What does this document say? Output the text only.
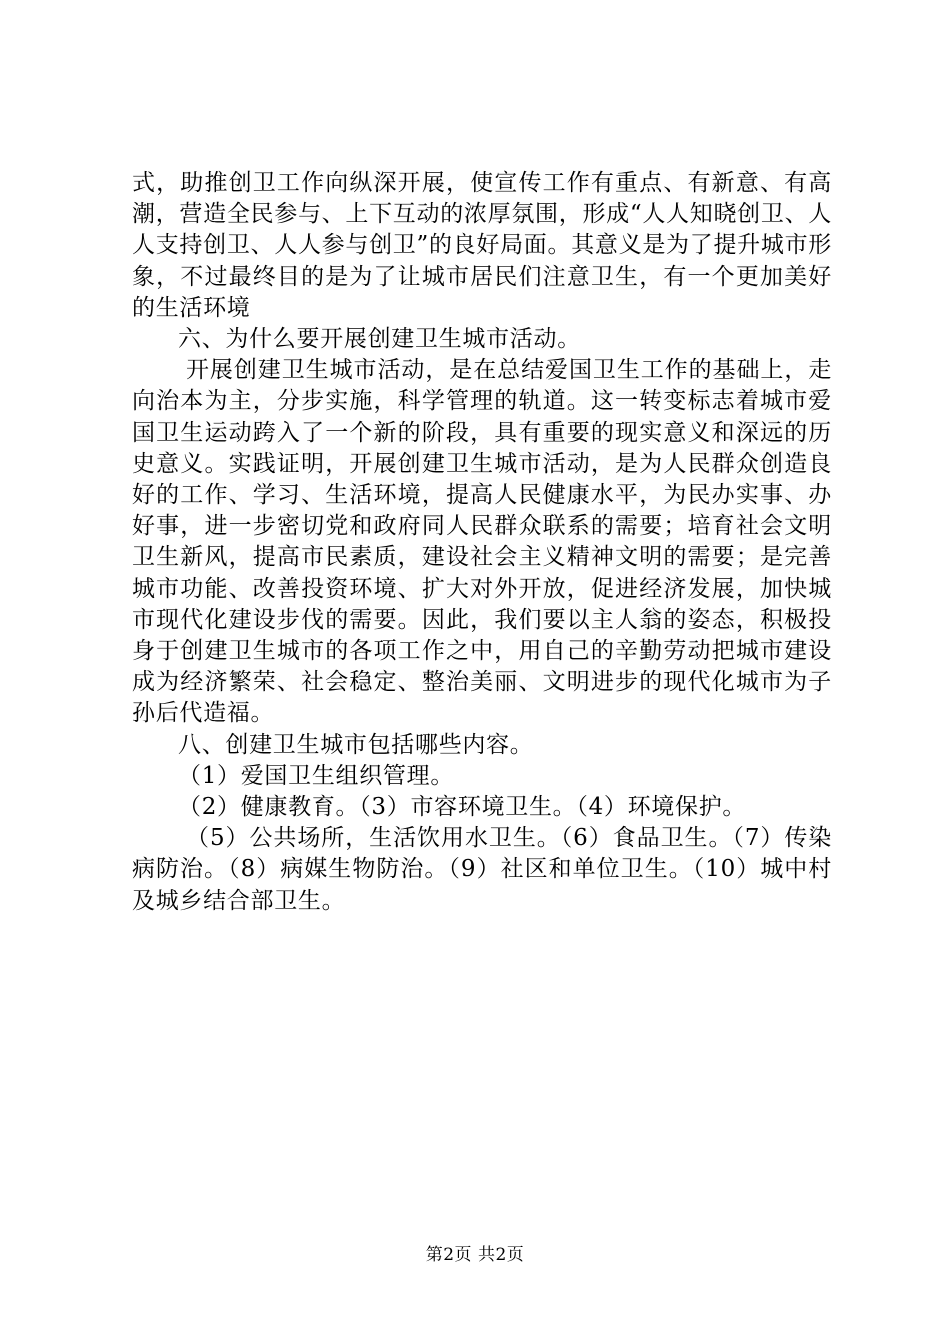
式，助推创卫工作向纵深开展，使宣传工作有重点、有新意、有高潮，营造全民参与、上下互动的浓厚氛围，形成“人人知晓创卫、人人支持创卫、人人参与创卫”的良好局面。其意义是为了提升城市形象，不过最终目的是为了让城市居民们注意卫生，有一个更加美好的生活环境

六、为什么要开展创建卫生城市活动。

开展创建卫生城市活动，是在总结爱国卫生工作的基础上，走向治本为主，分步实施，科学管理的轨道。这一转变标志着城市爱国卫生运动跨入了一个新的阶段，具有重要的现实意义和深远的历史意义。实践证明，开展创建卫生城市活动，是为人民群众创造良好的工作、学习、生活环境，提高人民健康水平，为民办实事、办好事，进一步密切党和政府同人民群众联系的需要；培育社会文明卫生新风，提高市民素质，建设社会主义精神文明的需要；是完善城市功能、改善投资环境、扩大对外开放，促进经济发展，加快城市现代化建设步伐的需要。因此，我们要以主人翁的姿态，积极投身于创建卫生城市的各项工作之中，用自己的辛勤劳动把城市建设成为经济繁荣、社会稳定、整治美丽、文明进步的现代化城市为子孙后代造福。

八、创建卫生城市包括哪些内容。

（1）爱国卫生组织管理。

（2）健康教育。（3）市容环境卫生。（4）环境保护。

（5）公共场所，生活饮用水卫生。（6）食品卫生。（7）传染病防治。（8）病媒生物防治。（9）社区和单位卫生。（10）城中村及城乡结合部卫生。

第2页 共2页
